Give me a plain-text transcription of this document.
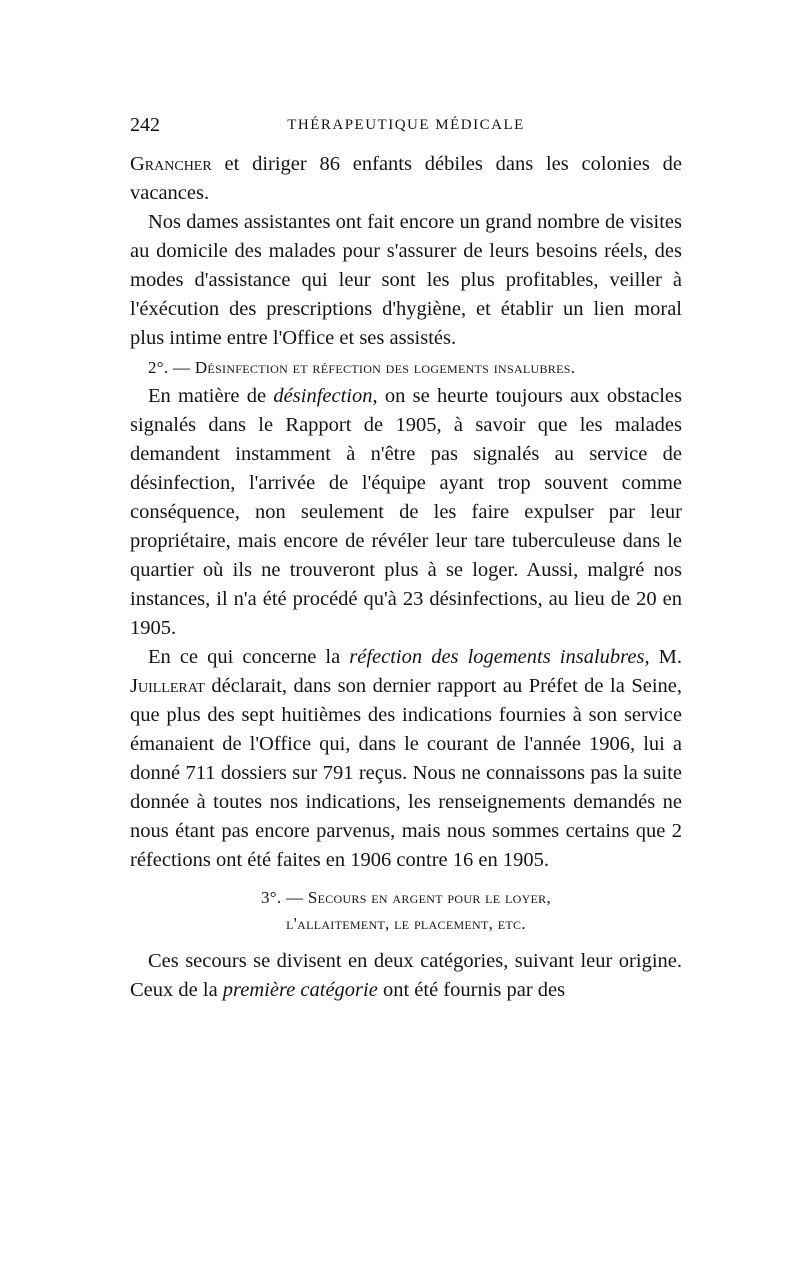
242	THÉRAPEUTIQUE MÉDICALE

Grancher et diriger 86 enfants débiles dans les colonies de vacances.

Nos dames assistantes ont fait encore un grand nombre de visites au domicile des malades pour s'assurer de leurs besoins réels, des modes d'assistance qui leur sont les plus profitables, veiller à l'éxécution des prescriptions d'hygiène, et établir un lien moral plus intime entre l'Office et ses assistés.

2°. — Désinfection et réfection des logements insalubres.

En matière de désinfection, on se heurte toujours aux obstacles signalés dans le Rapport de 1905, à savoir que les malades demandent instamment à n'être pas signalés au service de désinfection, l'arrivée de l'équipe ayant trop souvent comme conséquence, non seulement de les faire expulser par leur propriétaire, mais encore de révéler leur tare tuberculeuse dans le quartier où ils ne trouveront plus à se loger. Aussi, malgré nos instances, il n'a été procédé qu'à 23 désinfections, au lieu de 20 en 1905.

En ce qui concerne la réfection des logements insalubres, M. Juillerat déclarait, dans son dernier rapport au Préfet de la Seine, que plus des sept huitièmes des indications fournies à son service émanaient de l'Office qui, dans le courant de l'année 1906, lui a donné 711 dossiers sur 791 reçus. Nous ne connaissons pas la suite donnée à toutes nos indications, les renseignements demandés ne nous étant pas encore parvenus, mais nous sommes certains que 2 réfections ont été faites en 1906 contre 16 en 1905.

3°. — Secours en argent pour le loyer,
l'allaitement, le placement, etc.

Ces secours se divisent en deux catégories, suivant leur origine. Ceux de la première catégorie ont été fournis par des
